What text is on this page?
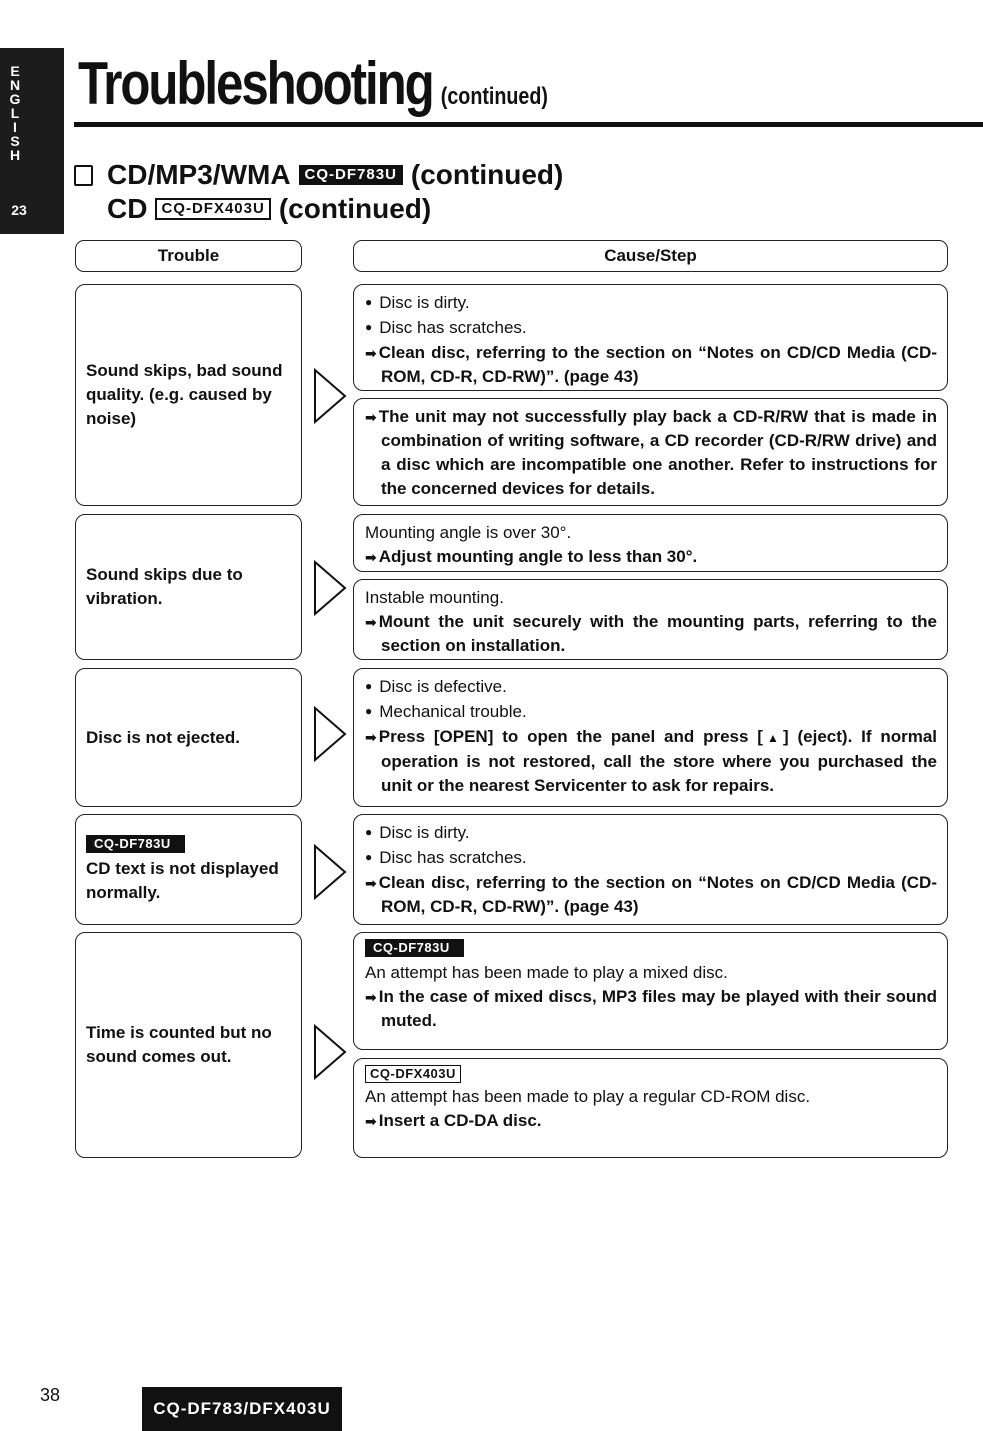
E
N
G
L
I
S
H
23
Troubleshooting (continued)
CD/MP3/WMA CQ-DF783U (continued)
CD CQ-DFX403U (continued)
Trouble	Cause/Step
Sound skips, bad sound quality. (e.g. caused by noise)
● Disc is dirty.
● Disc has scratches.
➡ Clean disc, referring to the section on “Notes on CD/CD Media (CD-ROM, CD-R, CD-RW)”. (page 43)
➡ The unit may not successfully play back a CD-R/RW that is made in combination of writing software, a CD recorder (CD-R/RW drive) and a disc which are incompatible one another. Refer to instructions for the concerned devices for details.
Sound skips due to vibration.
Mounting angle is over 30°.
➡ Adjust mounting angle to less than 30°.
Instable mounting.
➡ Mount the unit securely with the mounting parts, referring to the section on installation.
Disc is not ejected.
● Disc is defective.
● Mechanical trouble.
➡ Press [OPEN] to open the panel and press [▲] (eject). If normal operation is not restored, call the store where you purchased the unit or the nearest Servicenter to ask for repairs.
CQ-DF783U
CD text is not displayed normally.
● Disc is dirty.
● Disc has scratches.
➡ Clean disc, referring to the section on “Notes on CD/CD Media (CD-ROM, CD-R, CD-RW)”. (page 43)
Time is counted but no sound comes out.
CQ-DF783U
An attempt has been made to play a mixed disc.
➡ In the case of mixed discs, MP3 files may be played with their sound muted.
CQ-DFX403U
An attempt has been made to play a regular CD-ROM disc.
➡ Insert a CD-DA disc.
38
CQ-DF783/DFX403U
